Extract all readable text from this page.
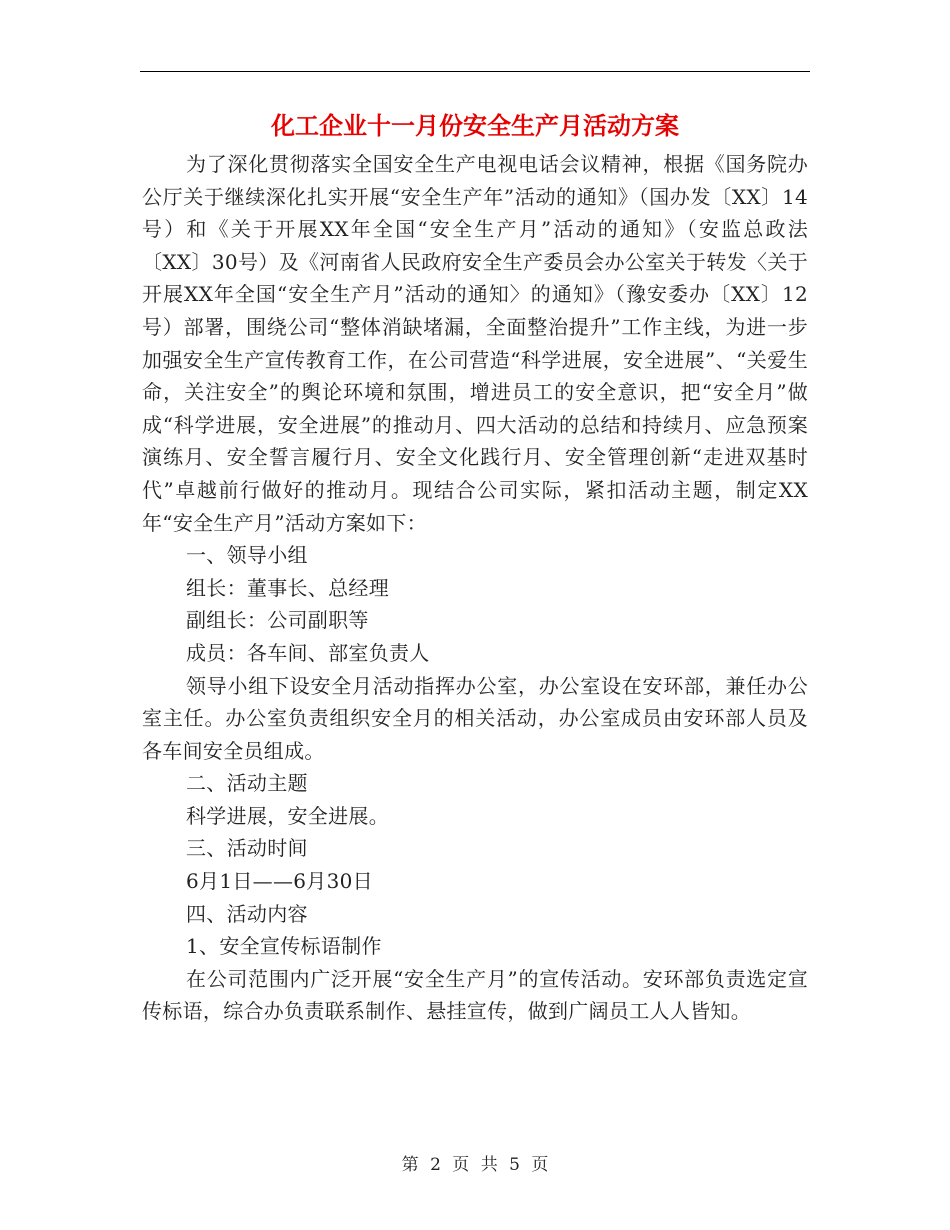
化工企业十一月份安全生产月活动方案

为了深化贯彻落实全国安全生产电视电话会议精神，根据《国务院办公厅关于继续深化扎实开展“安全生产年”活动的通知》（国办发〔XX〕14号）和《关于开展XX年全国“安全生产月”活动的通知》（安监总政法〔XX〕30号）及《河南省人民政府安全生产委员会办公室关于转发〈关于开展XX年全国“安全生产月”活动的通知〉的通知》（豫安委办〔XX〕12号）部署，围绕公司“整体消缺堵漏，全面整治提升”工作主线，为进一步加强安全生产宣传教育工作，在公司营造“科学进展，安全进展”、“关爱生命，关注安全”的舆论环境和氛围，增进员工的安全意识，把“安全月”做成“科学进展，安全进展”的推动月、四大活动的总结和持续月、应急预案演练月、安全誓言履行月、安全文化践行月、安全管理创新“走进双基时代”卓越前行做好的推动月。现结合公司实际，紧扣活动主题，制定XX年“安全生产月”活动方案如下：

一、领导小组

组长：董事长、总经理

副组长：公司副职等

成员：各车间、部室负责人

领导小组下设安全月活动指挥办公室，办公室设在安环部，兼任办公室主任。办公室负责组织安全月的相关活动，办公室成员由安环部人员及各车间安全员组成。

二、活动主题

科学进展，安全进展。

三、活动时间

6月1日——6月30日

四、活动内容

1、安全宣传标语制作

在公司范围内广泛开展“安全生产月”的宣传活动。安环部负责选定宣传标语，综合办负责联系制作、悬挂宣传，做到广阔员工人人皆知。

第 2 页 共 5 页
